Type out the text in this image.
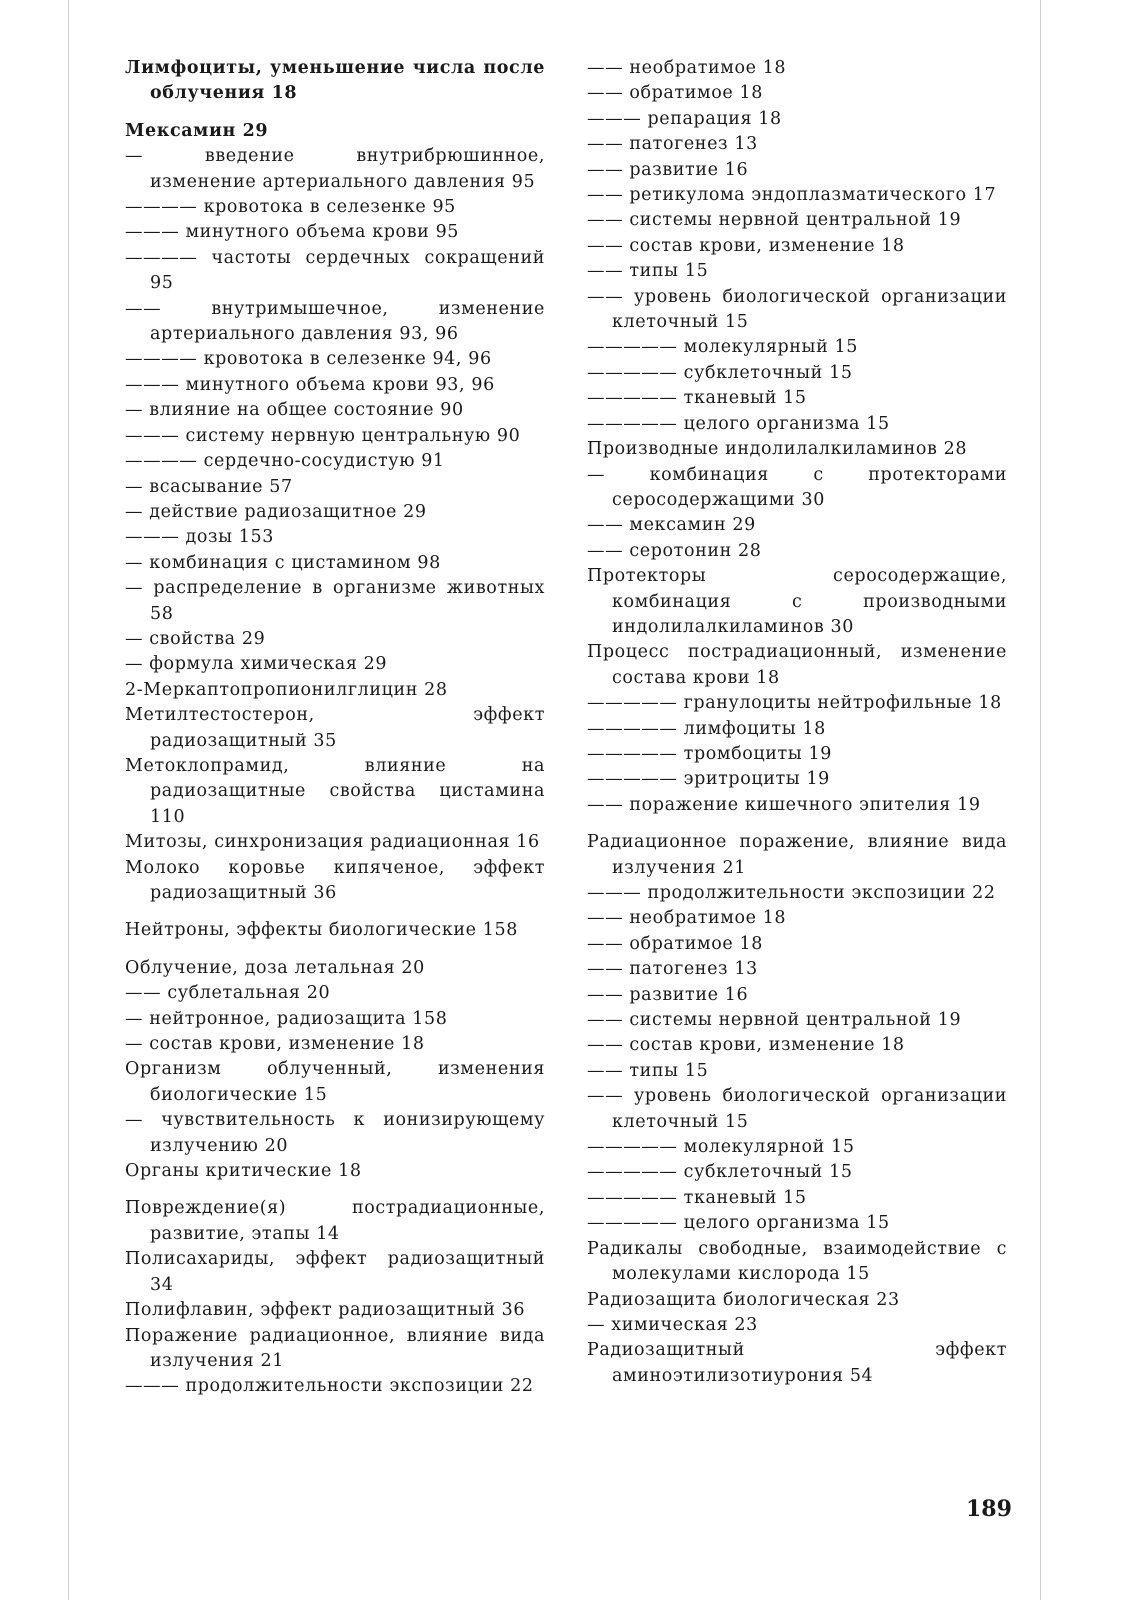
Лимфоциты, уменьшение числа после облучения 18
Мексамин 29
— введение внутрибрюшинное, изменение артериального давления 95
———— кровотока в селезенке 95
——— минутного объема крови 95
———— частоты сердечных сокращений 95
—— внутримышечное, изменение артериального давления 93, 96
———— кровотока в селезенке 94, 96
——— минутного объема крови 93, 96
— влияние на общее состояние 90
——— систему нервную центральную 90
———— сердечно-сосудистую 91
— всасывание 57
— действие радиозащитное 29
——— дозы 153
— комбинация с цистамином 98
— распределение в организме животных 58
— свойства 29
— формула химическая 29
2-Меркаптопропионилглицин 28
Метилтестостерон, эффект радиозащитный 35
Метоклопрамид, влияние на радиозащитные свойства цистамина 110
Митозы, синхронизация радиационная 16
Молоко коровье кипяченое, эффект радиозащитный 36
Нейтроны, эффекты биологические 158
Облучение, доза летальная 20
—— сублетальная 20
— нейтронное, радиозащита 158
— состав крови, изменение 18
Организм облученный, изменения биологические 15
— чувствительность к ионизирующему излучению 20
Органы критические 18
Повреждение(я) пострадиационные, развитие, этапы 14
Полисахариды, эффект радиозащитный 34
Полифлавин, эффект радиозащитный 36
Поражение радиационное, влияние вида излучения 21
——— продолжительности экспозиции 22
—— необратимое 18
—— обратимое 18
——— репарация 18
—— патогенез 13
—— развитие 16
—— ретикулома эндоплазматического 17
—— системы нервной центральной 19
—— состав крови, изменение 18
—— типы 15
—— уровень биологической организации клеточный 15
————— молекулярный 15
————— субклеточный 15
————— тканевый 15
————— целого организма 15
Производные индолилалкиламинов 28
— комбинация с протекторами серосодержащими 30
—— мексамин 29
—— серотонин 28
Протекторы серосодержащие, комбинация с производными индолилалкиламинов 30
Процесс пострадиационный, изменение состава крови 18
————— гранулоциты нейтрофильные 18
————— лимфоциты 18
————— тромбоциты 19
————— эритроциты 19
—— поражение кишечного эпителия 19
Радиационное поражение, влияние вида излучения 21
——— продолжительности экспозиции 22
—— необратимое 18
—— обратимое 18
—— патогенез 13
—— развитие 16
—— системы нервной центральной 19
—— состав крови, изменение 18
—— типы 15
—— уровень биологической организации клеточный 15
————— молекулярной 15
————— субклеточный 15
————— тканевый 15
————— целого организма 15
Радикалы свободные, взаимодействие с молекулами кислорода 15
Радиозащита биологическая 23
— химическая 23
Радиозащитный эффект аминоэтилизотиурония 54
189
